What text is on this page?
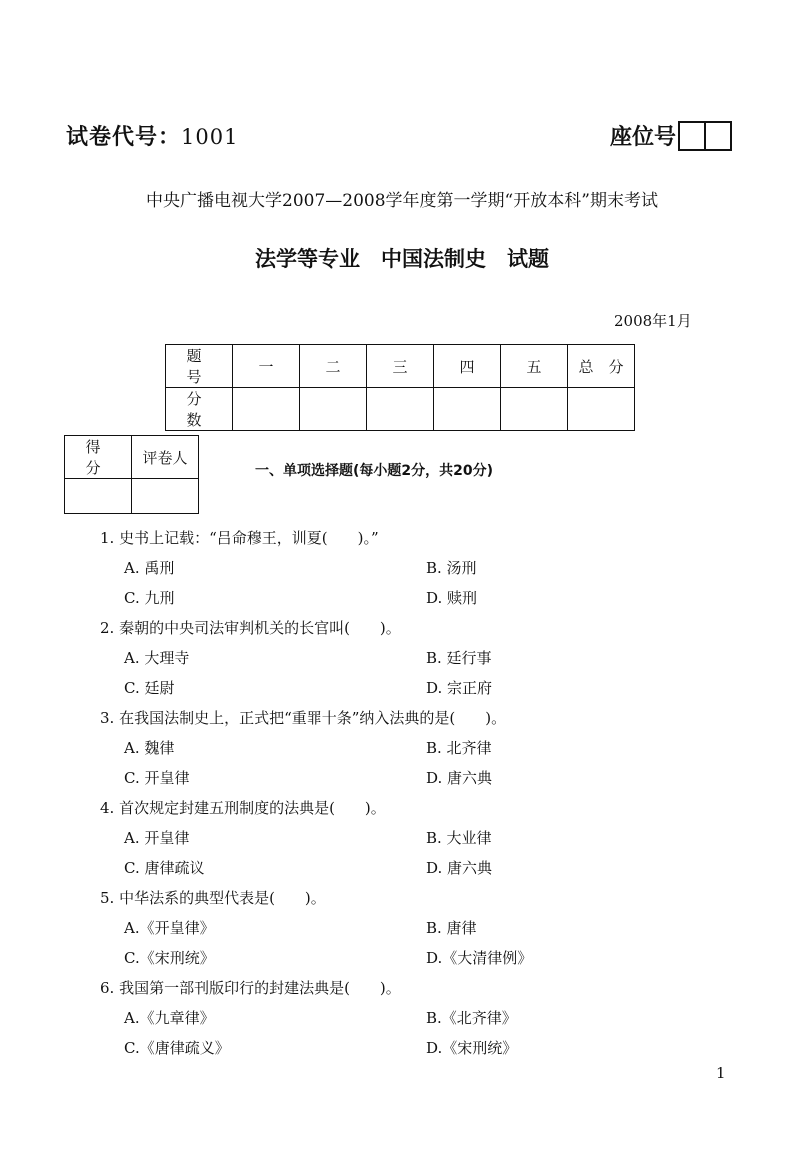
试卷代号：1001	座位号
中央广播电视大学2007—2008学年度第一学期“开放本科”期末考试
法学等专业　中国法制史　试题
2008年1月
题　号	一	二	三	四	五	总　分
分　数						
得　分	评卷人

一、单项选择题(每小题2分，共20分)
1. 史书上记载：“吕命穆王，训夏(　　)。”
A. 禹刑	B. 汤刑
C. 九刑	D. 赎刑
2. 秦朝的中央司法审判机关的长官叫(　　)。
A. 大理寺	B. 廷行事
C. 廷尉	D. 宗正府
3. 在我国法制史上，正式把“重罪十条”纳入法典的是(　　)。
A. 魏律	B. 北齐律
C. 开皇律	D. 唐六典
4. 首次规定封建五刑制度的法典是(　　)。
A. 开皇律	B. 大业律
C. 唐律疏议	D. 唐六典
5. 中华法系的典型代表是(　　)。
A.《开皇律》	B. 唐律
C.《宋刑统》	D.《大清律例》
6. 我国第一部刊版印行的封建法典是(　　)。
A.《九章律》	B.《北齐律》
C.《唐律疏义》	D.《宋刑统》
1
